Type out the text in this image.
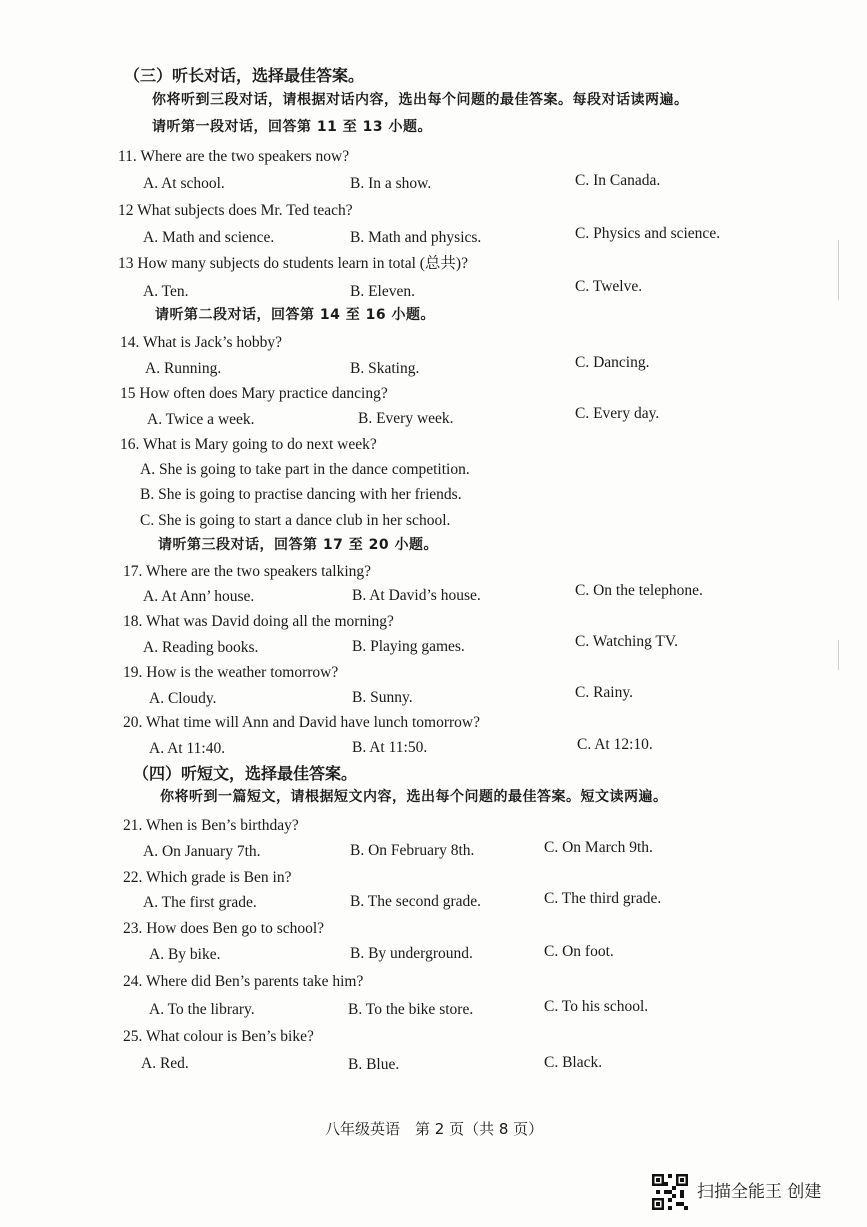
（三）听长对话，选择最佳答案。
你将听到三段对话，请根据对话内容，选出每个问题的最佳答案。每段对话读两遍。
请听第一段对话，回答第 11 至 13 小题。
11. Where are the two speakers now?
A. At school.	B. In a show.	C. In Canada.
12 What subjects does Mr. Ted teach?
A. Math and science.	B. Math and physics.	C. Physics and science.
13 How many subjects do students learn in total (总共)?
A. Ten.	B. Eleven.	C. Twelve.
请听第二段对话，回答第 14 至 16 小题。
14. What is Jack’s hobby?
A. Running.	B. Skating.	C. Dancing.
15 How often does Mary practice dancing?
A. Twice a week.	B. Every week.	C. Every day.
16. What is Mary going to do next week?
A. She is going to take part in the dance competition.
B. She is going to practise dancing with her friends.
C. She is going to start a dance club in her school.
请听第三段对话，回答第 17 至 20 小题。
17. Where are the two speakers talking?
A. At Ann’ house.	B. At David’s house.	C. On the telephone.
18. What was David doing all the morning?
A. Reading books.	B. Playing games.	C. Watching TV.
19. How is the weather tomorrow?
A. Cloudy.	B. Sunny.	C. Rainy.
20. What time will Ann and David have lunch tomorrow?
A. At 11:40.	B. At 11:50.	C. At 12:10.
（四）听短文，选择最佳答案。
你将听到一篇短文，请根据短文内容，选出每个问题的最佳答案。短文读两遍。
21. When is Ben’s birthday?
A. On January 7th.	B. On February 8th.	C. On March 9th.
22. Which grade is Ben in?
A. The first grade.	B. The second grade.	C. The third grade.
23. How does Ben go to school?
A. By bike.	B. By underground.	C. On foot.
24. Where did Ben’s parents take him?
A. To the library.	B. To the bike store.	C. To his school.
25. What colour is Ben’s bike?
A. Red.	B. Blue.	C. Black.
八年级英语　第 2 页（共 8 页）
扫描全能王 创建
